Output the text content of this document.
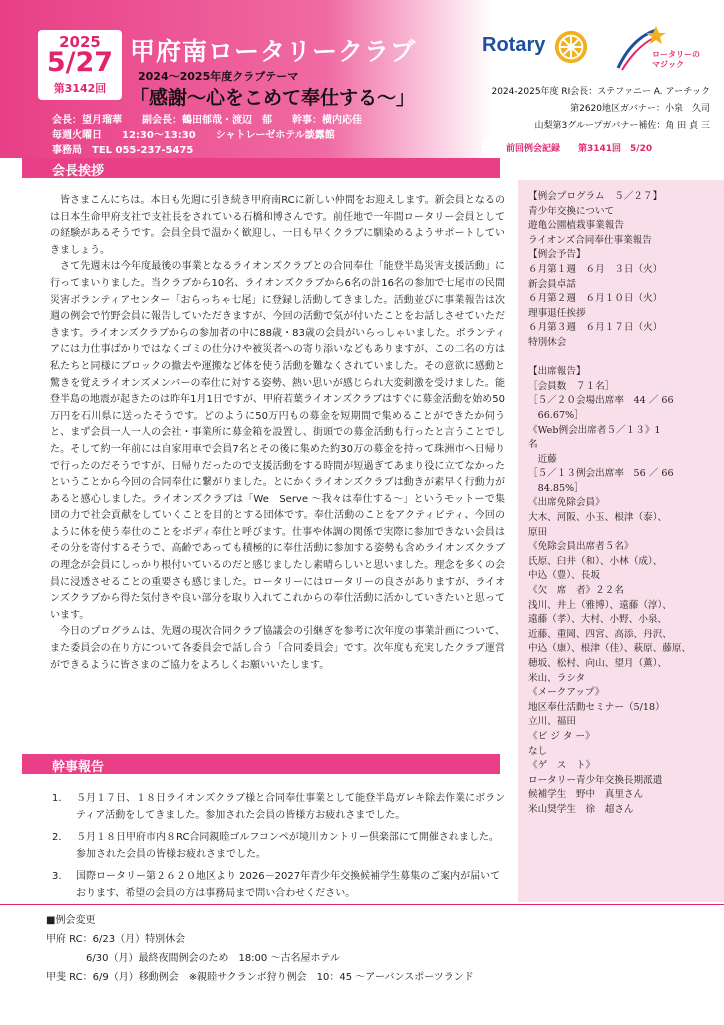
2025
5/27
第3142回
甲府南ロータリークラブ
2024～2025年度クラブテーマ
「感謝～心をこめて奉仕する～」
会長：望月瑠華　　副会長：鶴田郁哉・渡辺　郁　　幹事：横内応佳
毎週火曜日　　12:30～13:30　　シャトレーゼホテル談露館
事務局　TEL 055-237-5475
Rotary	ロータリーの
マジック
2024-2025年度 RI会長：ステファニー A. アーチック
第2620地区ガバナー：小泉　久司
山梨第3グループガバナー補佐：角 田 貞 三
前回例会記録　　第3141回　5/20
会長挨拶

皆さまこんにちは。本日も先週に引き続き甲府南RCに新しい仲間をお迎えします。新会員となるのは日本生命甲府支社で支社長をされている石橋和博さんです。前任地で一年間ロータリー会員としての経験があるそうです。会員全員で温かく歓迎し、一日も早くクラブに馴染めるようサポートしていきましょう。

さて先週末は今年度最後の事業となるライオンズクラブとの合同奉仕「能登半島災害支援活動」に行ってまいりました。当クラブから10名、ライオンズクラブから6名の計16名の参加で七尾市の民間災害ボランティアセンター「おらっちゃ七尾」に登録し活動してきました。活動並びに事業報告は次週の例会で竹野会員に報告していただきますが、今回の活動で気が付いたことをお話しさせていただきます。ライオンズクラブからの参加者の中に88歳・83歳の会員がいらっしゃいました。ボランティアには力仕事ばかりではなくゴミの仕分けや被災者への寄り添いなどもありますが、この二名の方は私たちと同様にブロックの撤去や運搬など体を使う活動を難なくされていました。その意欲に感動と驚きを覚えライオンズメンバーの奉仕に対する姿勢、熱い思いが感じられ大変刺激を受けました。能登半島の地震が起きたのは昨年1月1日ですが、甲府若葉ライオンズクラブはすぐに募金活動を始め50万円を石川県に送ったそうです。どのように50万円もの募金を短期間で集めることができたか伺うと、まず会員一人一人の会社・事業所に募金箱を設置し、街頭での募金活動も行ったと言うことでした。そして約一年前には自家用車で会員7名とその後に集めた約30万の募金を持って珠洲市へ日帰りで行ったのだそうですが、日帰りだったので支援活動をする時間が短過ぎてあまり役に立てなかったということから今回の合同奉仕に繋がりました。とにかくライオンズクラブは動きが素早く行動力があると感心しました。ライオンズクラブは「We　Serve ～我々は奉仕する～」というモットーで集団の力で社会貢献をしていくことを目的とする団体です。奉仕活動のことをアクティビティ、今回のように体を使う奉仕のことをボディ奉仕と呼びます。仕事や体調の関係で実際に参加できない会員はその分を寄付するそうで、高齢であっても積極的に奉仕活動に参加する姿勢も含めライオンズクラブの理念が会員にしっかり根付いているのだと感じましたし素晴らしいと思いました。理念を多くの会員に浸透させることの重要さも感じました。ロータリーにはロータリーの良さがありますが、ライオンズクラブから得た気付きや良い部分を取り入れてこれからの奉仕活動に活かしていきたいと思っています。

今日のプログラムは、先週の現次合同クラブ協議会の引継ぎを参考に次年度の事業計画について、また委員会の在り方について各委員会で話し合う「合同委員会」です。次年度も充実したクラブ運営ができるように皆さまのご協力をよろしくお願いいたします。

【例会プログラム　５／２７】
青少年交換について
遊亀公園植栽事業報告
ライオンズ合同奉仕事業報告
【例会予告】
６月第１週　６月　３日（火）
新会員卓話
６月第２週　６月１０日（火）
理事退任挨拶
６月第３週　６月１７日（火）
特別休会

【出席報告】
［会員数　７１名］
［５／２０会場出席率　44 ／ 66
　66.67%］
《Web例会出席者５／１３》1
名
　近藤
［５／１３例会出席率　56 ／ 66
　84.85%］
《出席免除会員》
大木、河阪、小玉、根津（泰）、
原田
《免除会員出席者５名》
氏原、臼井（和）、小林（成）、
中込（豊）、長坂
《欠　席　者》２２名
浅川、井上（雅博）、遠藤（淳）、
遠藤（孝）、大村、小野、小泉、
近藤、重岡、四宮、高添、丹沢、
中込（康）、根津（佳）、萩原、藤原、
穂坂、松村、向山、望月（薫）、
米山、ラシタ
《メークアップ》
地区奉仕活動セミナー（5/18）
立川、福田
《ビ ジ タ ー》
なし
《ゲ　ス　ト》
ロータリー青少年交換長期派遣
候補学生　野中　真里さん
米山奨学生　徐　超さん
幹事報告
1. ５月１７日、１８日ライオンズクラブ様と合同奉仕事業として能登半島ガレキ除去作業にボランティア活動をしてきました。参加された会員の皆様方お疲れさまでした。
2. ５月１８日甲府市内８RC合同親睦ゴルフコンペが境川カントリー倶楽部にて開催されました。参加された会員の皆様お疲れさまでした。
3. 国際ロータリー第２６２０地区より 2026－2027年青少年交換候補学生募集のご案内が届いております、希望の会員の方は事務局まで問い合わせください。
■例会変更
甲府 RC：6/23（月）特別休会
　　　　6/30（月）最終夜間例会のため　18:00 ～古名屋ホテル
甲斐 RC：6/9（月）移動例会　※親睦サクランボ狩り例会　10：45 ～アーバンスポーツランド
